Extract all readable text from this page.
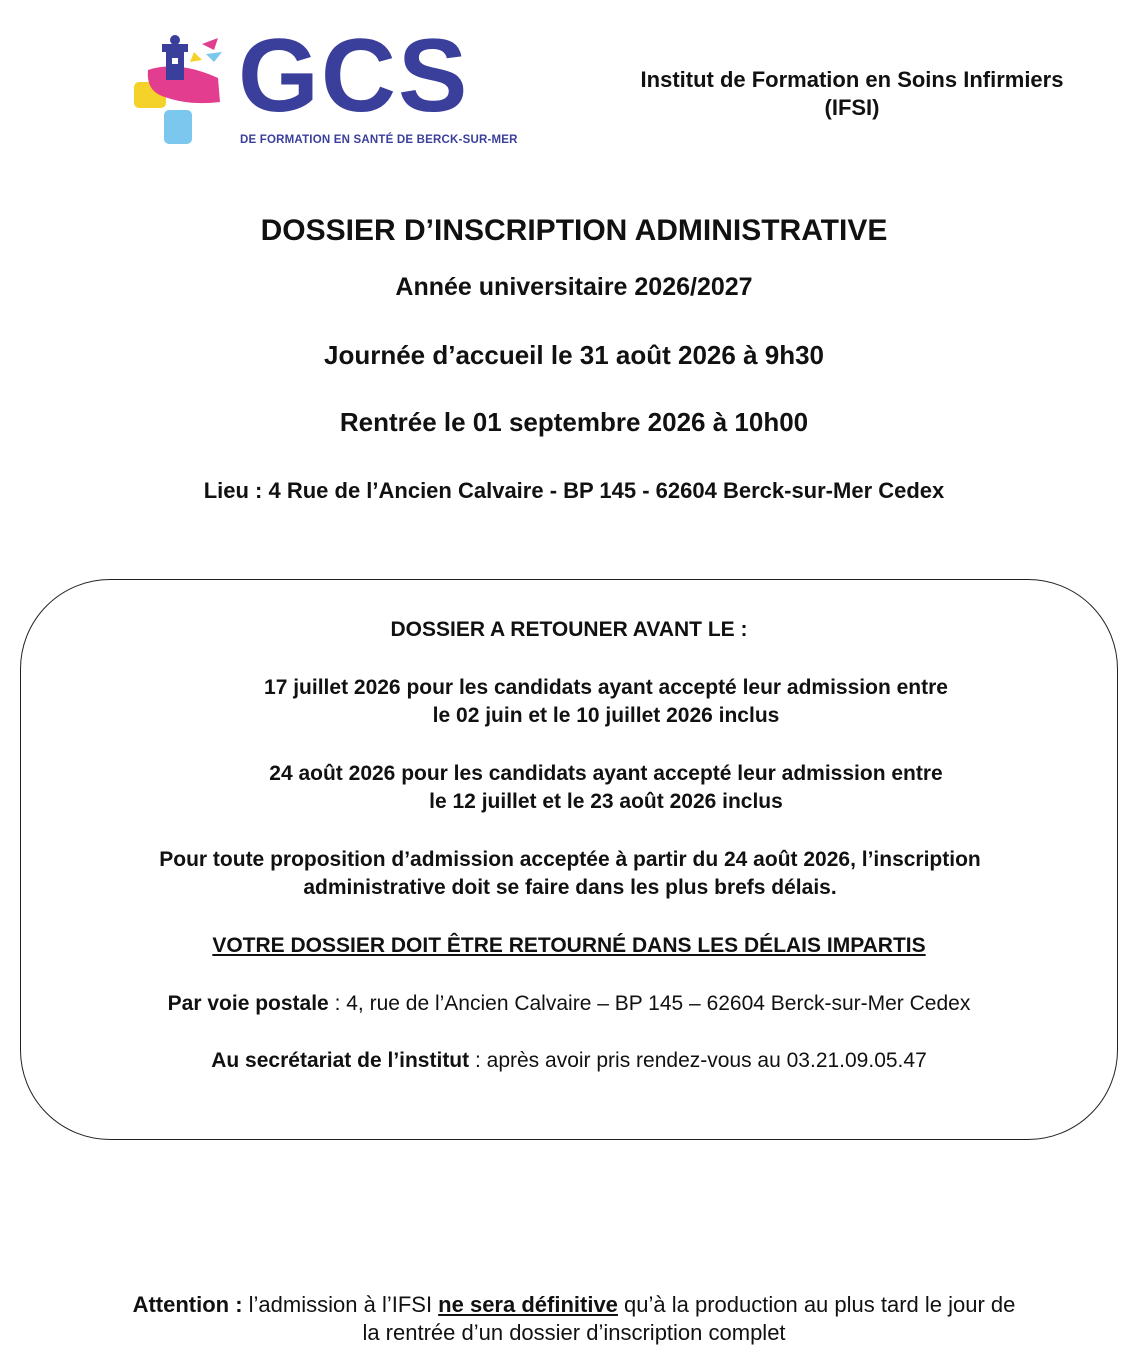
GCS
DE FORMATION EN SANTÉ DE BERCK-SUR-MER
Institut de Formation en Soins Infirmiers
(IFSI)
DOSSIER D’INSCRIPTION ADMINISTRATIVE
Année universitaire 2026/2027
Journée d’accueil le 31 août 2026 à 9h30
Rentrée le 01 septembre 2026 à 10h00
Lieu : 4 Rue de l’Ancien Calvaire - BP 145 - 62604 Berck-sur-Mer Cedex
DOSSIER A RETOUNER AVANT LE :
17 juillet 2026 pour les candidats ayant accepté leur admission entre
le 02 juin et le 10 juillet 2026 inclus
24 août 2026 pour les candidats ayant accepté leur admission entre
le 12 juillet et le 23 août 2026 inclus
Pour toute proposition d’admission acceptée à partir du 24 août 2026, l’inscription
administrative doit se faire dans les plus brefs délais.
VOTRE DOSSIER DOIT ÊTRE RETOURNÉ DANS LES DÉLAIS IMPARTIS
Par voie postale : 4, rue de l’Ancien Calvaire – BP 145 – 62604 Berck-sur-Mer Cedex
Au secrétariat de l’institut : après avoir pris rendez-vous au 03.21.09.05.47
Attention : l’admission à l’IFSI ne sera définitive qu’à la production au plus tard le jour de
la rentrée d’un dossier d’inscription complet
